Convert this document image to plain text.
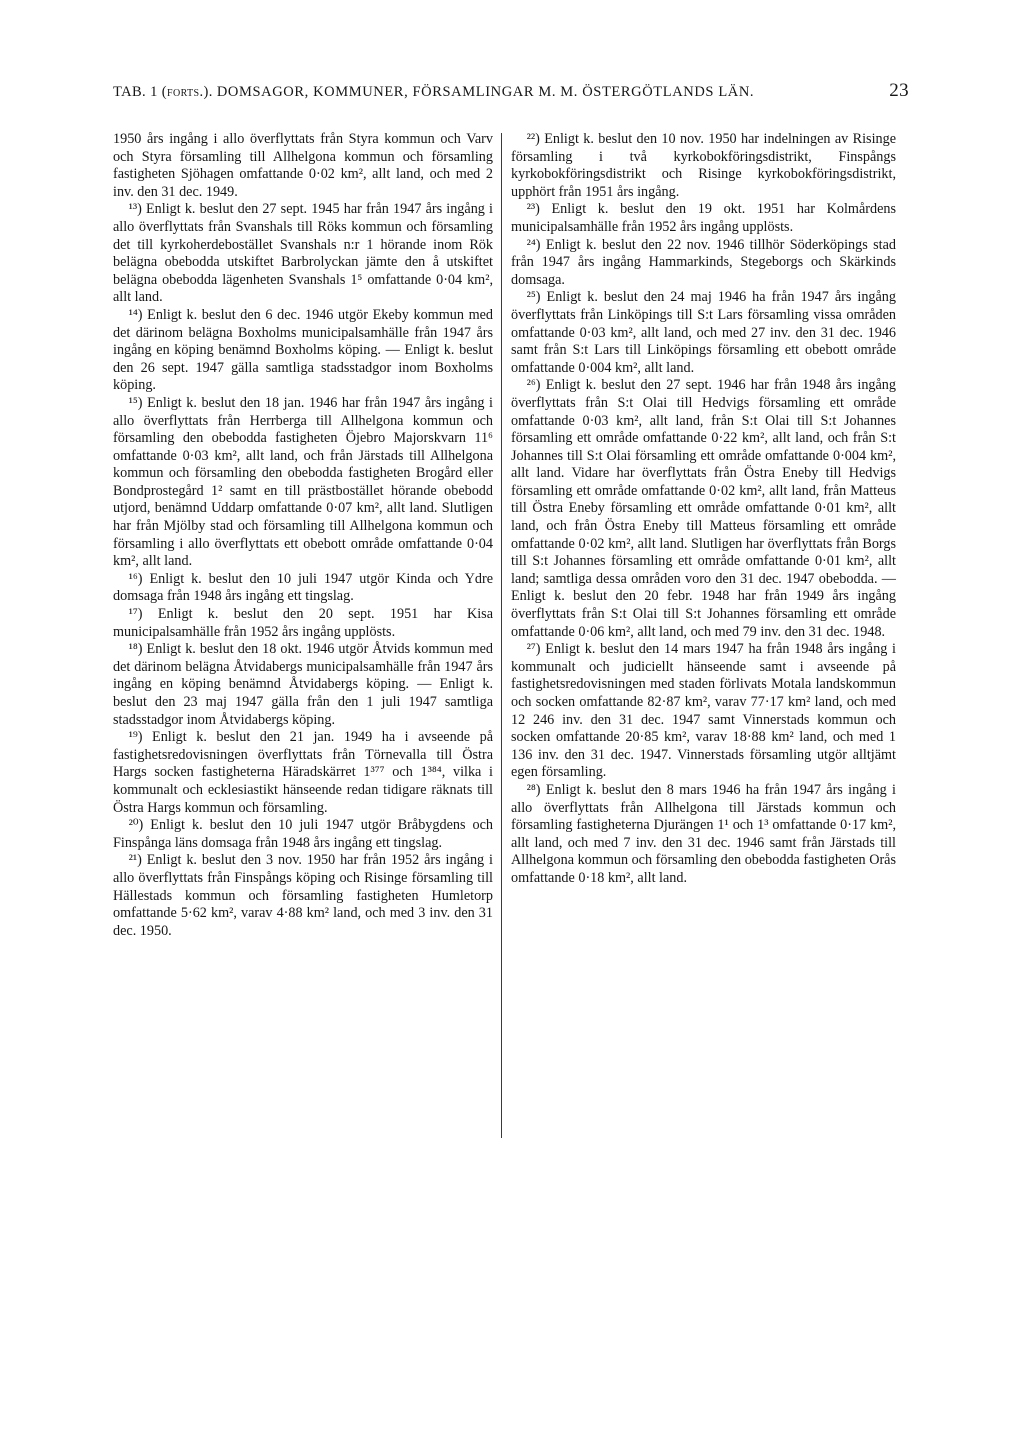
TAB. 1 (forts.). DOMSAGOR, KOMMUNER, FÖRSAMLINGAR M. M. ÖSTERGÖTLANDS LÄN.	23

1950 års ingång i allo överflyttats från Styra kommun och Varv och Styra församling till Allhelgona kommun och församling fastigheten Sjöhagen omfattande 0·02 km², allt land, och med 2 inv. den 31 dec. 1949.

¹³) Enligt k. beslut den 27 sept. 1945 har från 1947 års ingång i allo överflyttats från Svanshals till Röks kommun och församling det till kyrkoherdebostället Svanshals n:r 1 hörande inom Rök belägna obebodda utskiftet Barbrolyckan jämte den å utskiftet belägna obebodda lägenheten Svanshals 1⁵ omfattande 0·04 km², allt land.

¹⁴) Enligt k. beslut den 6 dec. 1946 utgör Ekeby kommun med det därinom belägna Boxholms municipalsamhälle från 1947 års ingång en köping benämnd Boxholms köping. — Enligt k. beslut den 26 sept. 1947 gälla samtliga stadsstadgor inom Boxholms köping.

¹⁵) Enligt k. beslut den 18 jan. 1946 har från 1947 års ingång i allo överflyttats från Herrberga till Allhelgona kommun och församling den obebodda fastigheten Öjebro Majorskvarn 11⁶ omfattande 0·03 km², allt land, och från Järstads till Allhelgona kommun och församling den obebodda fastigheten Brogård eller Bondprostegård 1² samt en till prästbostället hörande obebodd utjord, benämnd Uddarp omfattande 0·07 km², allt land. Slutligen har från Mjölby stad och församling till Allhelgona kommun och församling i allo överflyttats ett obebott område omfattande 0·04 km², allt land.

¹⁶) Enligt k. beslut den 10 juli 1947 utgör Kinda och Ydre domsaga från 1948 års ingång ett tingslag.

¹⁷) Enligt k. beslut den 20 sept. 1951 har Kisa municipalsamhälle från 1952 års ingång upplösts.

¹⁸) Enligt k. beslut den 18 okt. 1946 utgör Åtvids kommun med det därinom belägna Åtvidabergs municipalsamhälle från 1947 års ingång en köping benämnd Åtvidabergs köping. — Enligt k. beslut den 23 maj 1947 gälla från den 1 juli 1947 samtliga stadsstadgor inom Åtvidabergs köping.

¹⁹) Enligt k. beslut den 21 jan. 1949 ha i avseende på fastighetsredovisningen överflyttats från Törnevalla till Östra Hargs socken fastigheterna Häradskärret 1³⁷⁷ och 1³⁸⁴, vilka i kommunalt och ecklesiastikt hänseende redan tidigare räknats till Östra Hargs kommun och församling.

²⁰) Enligt k. beslut den 10 juli 1947 utgör Bråbygdens och Finspånga läns domsaga från 1948 års ingång ett tingslag.

²¹) Enligt k. beslut den 3 nov. 1950 har från 1952 års ingång i allo överflyttats från Finspångs köping och Risinge församling till Hällestads kommun och församling fastigheten Humletorp omfattande 5·62 km², varav 4·88 km² land, och med 3 inv. den 31 dec. 1950.

²²) Enligt k. beslut den 10 nov. 1950 har indelningen av Risinge församling i två kyrkobokföringsdistrikt, Finspångs kyrkobokföringsdistrikt och Risinge kyrkobokföringsdistrikt, upphört från 1951 års ingång.

²³) Enligt k. beslut den 19 okt. 1951 har Kolmårdens municipalsamhälle från 1952 års ingång upplösts.

²⁴) Enligt k. beslut den 22 nov. 1946 tillhör Söderköpings stad från 1947 års ingång Hammarkinds, Stegeborgs och Skärkinds domsaga.

²⁵) Enligt k. beslut den 24 maj 1946 ha från 1947 års ingång överflyttats från Linköpings till S:t Lars församling vissa områden omfattande 0·03 km², allt land, och med 27 inv. den 31 dec. 1946 samt från S:t Lars till Linköpings församling ett obebott område omfattande 0·004 km², allt land.

²⁶) Enligt k. beslut den 27 sept. 1946 har från 1948 års ingång överflyttats från S:t Olai till Hedvigs församling ett område omfattande 0·03 km², allt land, från S:t Olai till S:t Johannes församling ett område omfattande 0·22 km², allt land, och från S:t Johannes till S:t Olai församling ett område omfattande 0·004 km², allt land. Vidare har överflyttats från Östra Eneby till Hedvigs församling ett område omfattande 0·02 km², allt land, från Matteus till Östra Eneby församling ett område omfattande 0·01 km², allt land, och från Östra Eneby till Matteus församling ett område omfattande 0·02 km², allt land. Slutligen har överflyttats från Borgs till S:t Johannes församling ett område omfattande 0·01 km², allt land; samtliga dessa områden voro den 31 dec. 1947 obebodda. — Enligt k. beslut den 20 febr. 1948 har från 1949 års ingång överflyttats från S:t Olai till S:t Johannes församling ett område omfattande 0·06 km², allt land, och med 79 inv. den 31 dec. 1948.

²⁷) Enligt k. beslut den 14 mars 1947 ha från 1948 års ingång i kommunalt och judiciellt hänseende samt i avseende på fastighetsredovisningen med staden förlivats Motala landskommun och socken omfattande 82·87 km², varav 77·17 km² land, och med 12 246 inv. den 31 dec. 1947 samt Vinnerstads kommun och socken omfattande 20·85 km², varav 18·88 km² land, och med 1 136 inv. den 31 dec. 1947. Vinnerstads församling utgör alltjämt egen församling.

²⁸) Enligt k. beslut den 8 mars 1946 ha från 1947 års ingång i allo överflyttats från Allhelgona till Järstads kommun och församling fastigheterna Djurängen 1¹ och 1³ omfattande 0·17 km², allt land, och med 7 inv. den 31 dec. 1946 samt från Järstads till Allhelgona kommun och församling den obebodda fastigheten Orås omfattande 0·18 km², allt land.
